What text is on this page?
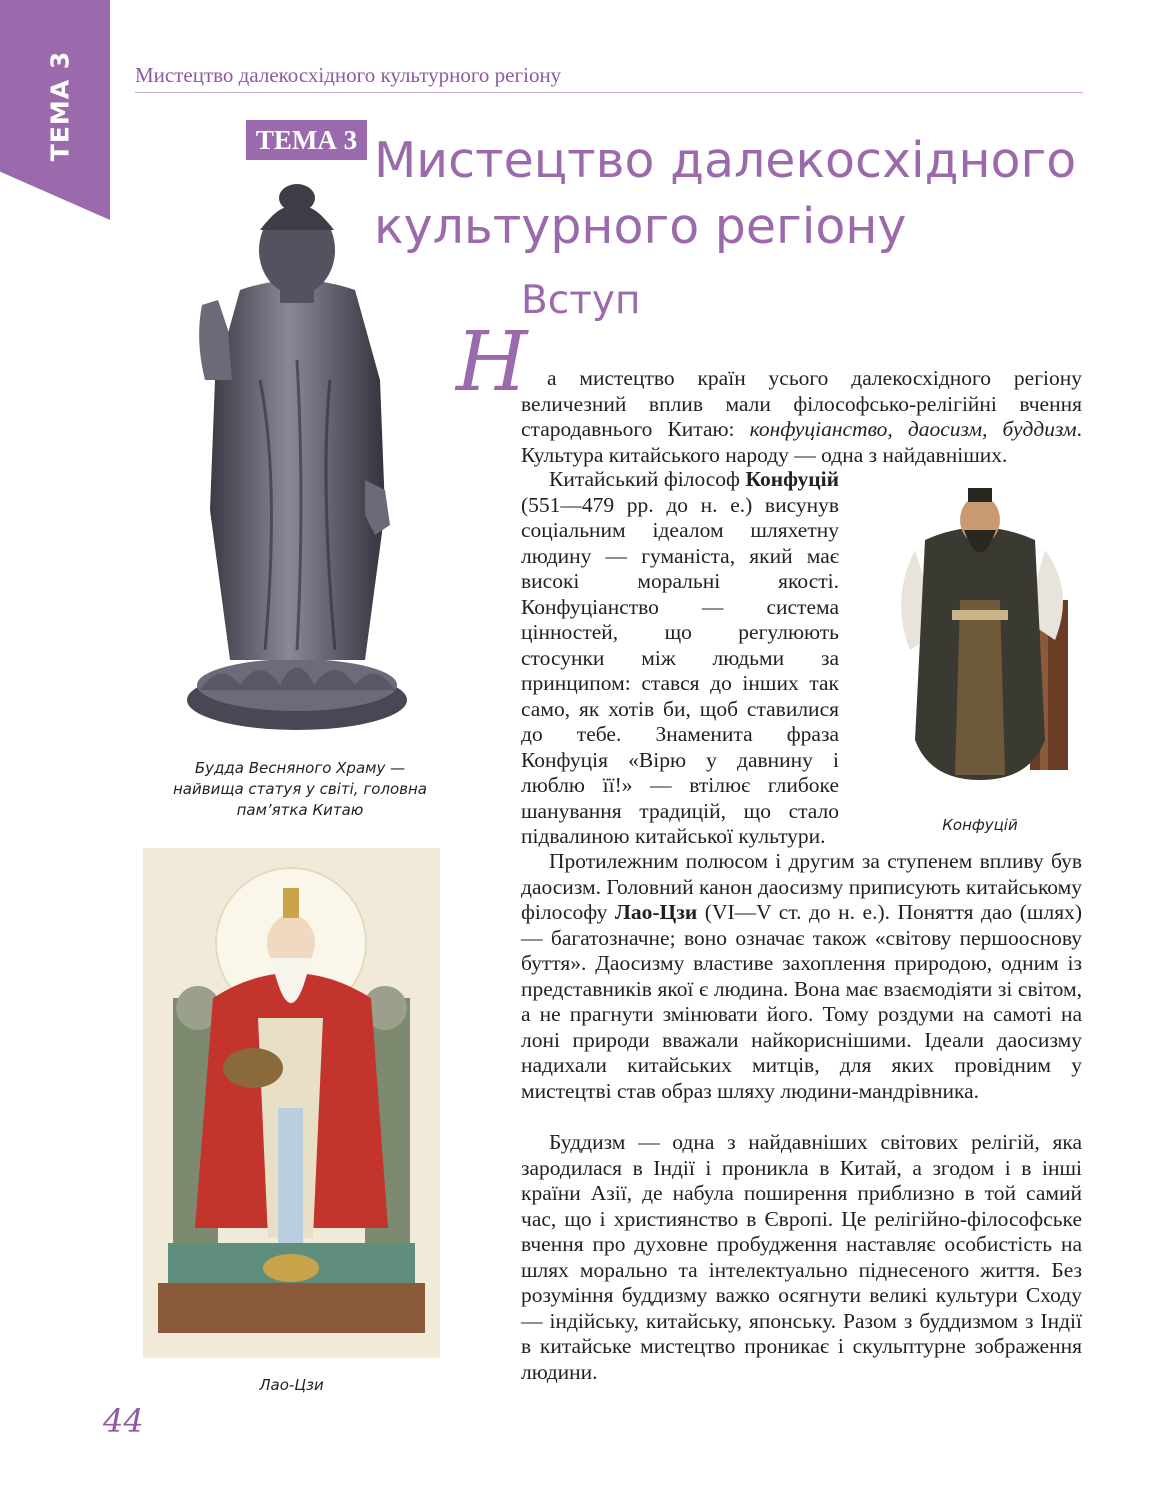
ТЕМА 3	Мистецтво далекосхідного культурного регіону
ТЕМА 3 Мистецтво далекосхідного
культурного регіону
Вступ
Н
Будда Весняного Храму —
найвища статуя у світі, головна
пам’ятка Китаю
Лао-Цзи
Конфуцій

а мистецтво країн усього далекосхідного регіону величезний вплив мали філософсько-релігійні вчення стародавнього Китаю: конфуціанство, даосизм, буддизм. Культура китайського народу — одна з найдавніших.

Китайський філософ Конфуцій (551—479 рр. до н. е.) висунув соціальним ідеалом шляхетну людину — гуманіста, який має високі моральні якості. Конфуціанство — система цінностей, що регулюють стосунки між людьми за принципом: стався до інших так само, як хотів би, щоб ставилися до тебе. Знаменита фраза Конфуція «Вірю у давнину і люблю її!» — втілює глибоке шанування традицій, що стало підвалиною китайської культури.

Протилежним полюсом і другим за ступенем впливу був даосизм. Головний канон даосизму приписують китайському філософу Лао-Цзи (VI—V ст. до н. е.). Поняття дао (шлях) — багатозначне; воно означає також «світову першооснову буття». Даосизму властиве захоплення природою, одним із представників якої є людина. Вона має взаємодіяти зі світом, а не прагнути змінювати його. Тому роздуми на самоті на лоні природи вважали найкориснішими. Ідеали даосизму надихали китайських митців, для яких провідним у мистецтві став образ шляху людини-мандрівника.

Буддизм — одна з найдавніших світових релігій, яка зародилася в Індії і проникла в Китай, а згодом і в інші країни Азії, де набула поширення приблизно в той самий час, що і християнство в Європі. Це релігійно-філософське вчення про духовне пробудження наставляє особистість на шлях морально та інтелектуально піднесеного життя. Без розуміння буддизму важко осягнути великі культури Сходу — індійську, китайську, японську. Разом з буддизмом з Індії в китайське мистецтво проникає і скульптурне зображення людини.

44
